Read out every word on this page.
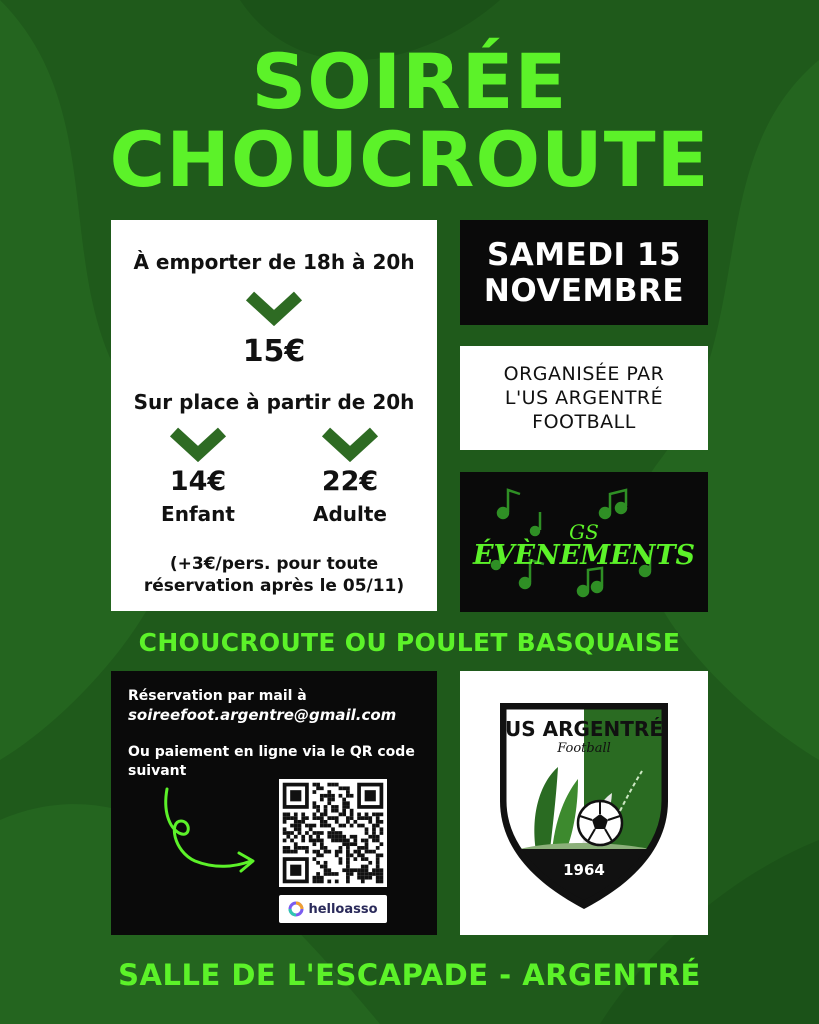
SOIRÉE
CHOUCROUTE
À emporter de 18h à 20h
15€
Sur place à partir de 20h
14€
Enfant
22€
Adulte
(+3€/pers. pour toute
réservation après le 05/11)
SAMEDI 15
NOVEMBRE
ORGANISÉE PAR
L'US ARGENTRÉ
FOOTBALL
GS
ÉVÈNEMENTS
CHOUCROUTE OU POULET BASQUAISE
Réservation par mail à
soireefoot.argentre@gmail.com
Ou paiement en ligne via le QR code
suivant
helloasso
US ARGENTRÉ
Football
1964
SALLE DE L'ESCAPADE - ARGENTRÉ
